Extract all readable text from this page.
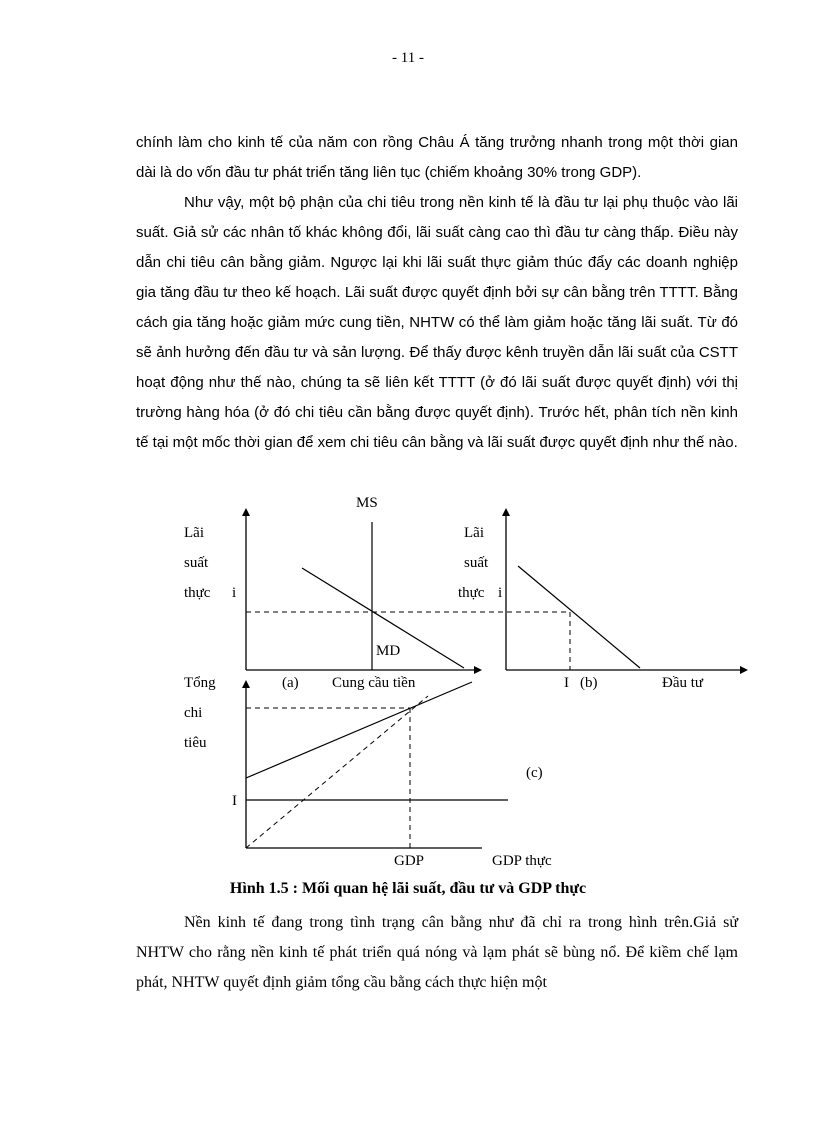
- 11 -

chính làm cho kinh tế của năm con rồng Châu Á tăng trưởng nhanh trong một thời gian dài là do vốn đầu tư phát triển tăng liên tục (chiếm khoảng 30% trong GDP).

Như vậy, một bộ phận của chi tiêu trong nền kinh tế là đầu tư lại phụ thuộc vào lãi suất. Giả sử các nhân tố khác không đổi, lãi suất càng cao thì đầu tư càng thấp. Điều này dẫn chi tiêu cân bằng giảm. Ngược lại khi lãi suất thực giảm thúc đẩy các doanh nghiệp gia tăng đầu tư theo kế hoạch. Lãi suất được quyết định bởi sự cân bằng trên TTTT. Bằng cách gia tăng hoặc giảm mức cung tiền, NHTW có thể làm giảm hoặc tăng lãi suất. Từ đó sẽ ảnh hưởng đến đầu tư và sản lượng. Để thấy được kênh truyền dẫn lãi suất của CSTT hoạt động như thế nào, chúng ta sẽ liên kết TTTT (ở đó lãi suất được quyết định) với thị trường hàng hóa (ở đó chi tiêu cần bằng được quyết định). Trước hết, phân tích nền kinh tế tại một mốc thời gian để xem chi tiêu cân bằng và lãi suất được quyết định như thế nào.

Lãi
suất
thực i
MS
MD
(a) Cung cầu tiền
Lãi
suất
thực i
I (b)	Đầu tư
Tổng
chi
tiêu
I
(c)
GDP	GDP thực
Hình 1.5 : Mối quan hệ lãi suất, đầu tư và GDP thực

Nền kinh tế đang trong tình trạng cân bằng như đã chỉ ra trong hình trên.Giả sử NHTW cho rằng nền kinh tế phát triển quá nóng và lạm phát sẽ bùng nổ. Để kiềm chế lạm phát, NHTW quyết định giảm tổng cầu bằng cách thực hiện một
